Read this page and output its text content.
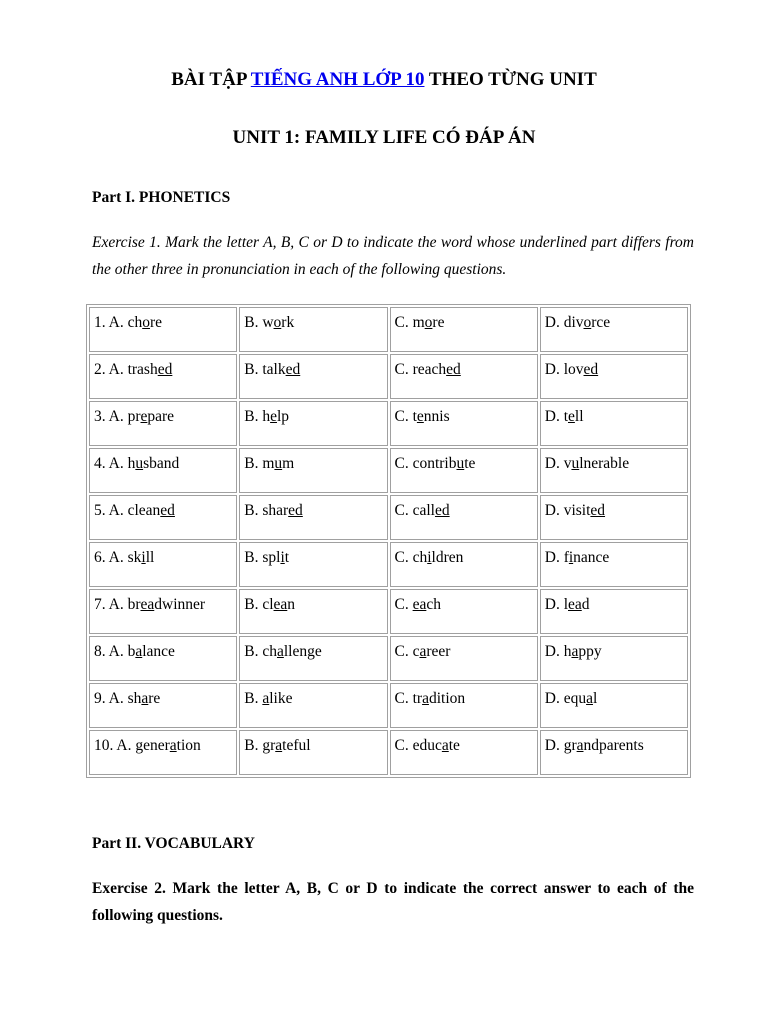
BÀI TẬP TIẾNG ANH LỚP 10 THEO TỪNG UNIT
UNIT 1: FAMILY LIFE CÓ ĐÁP ÁN
Part I. PHONETICS
Exercise 1. Mark the letter A, B, C or D to indicate the word whose underlined part differs from the other three in pronunciation in each of the following questions.
1. A. chore	B. work	C. more	D. divorce
2. A. trashed	B. talked	C. reached	D. loved
3. A. prepare	B. help	C. tennis	D. tell
4. A. husband	B. mum	C. contribute	D. vulnerable
5. A. cleaned	B. shared	C. called	D. visited
6. A. skill	B. split	C. children	D. finance
7. A. breadwinner	B. clean	C. each	D. lead
8. A. balance	B. challenge	C. career	D. happy
9. A. share	B. alike	C. tradition	D. equal
10. A. generation	B. grateful	C. educate	D. grandparents
Part II. VOCABULARY
Exercise 2. Mark the letter A, B, C or D to indicate the correct answer to each of the following questions.
